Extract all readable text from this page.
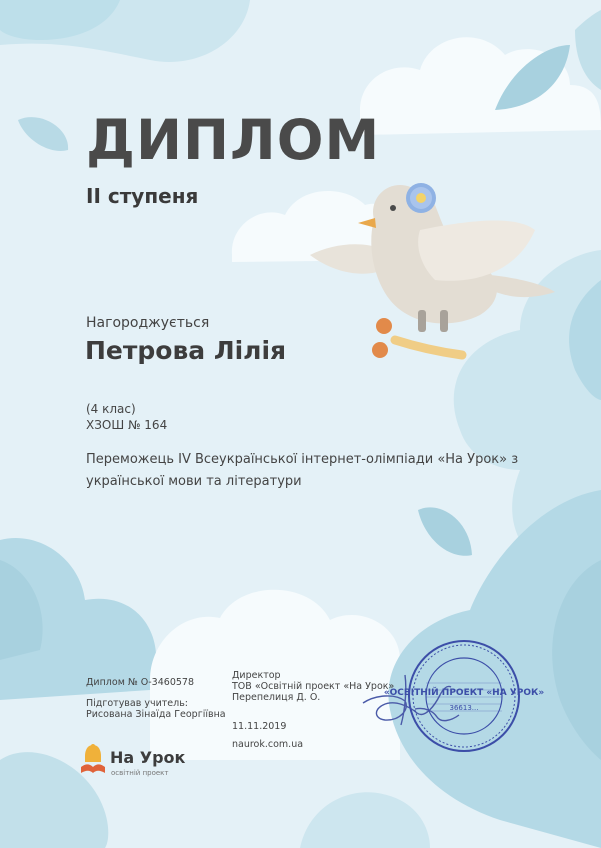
ДИПЛОМ
II ступеня
Нагороджується
Петрова Лілія
(4 клас)
ХЗОШ № 164
Переможець IV Всеукраїнської інтернет-олімпіади «На Урок» з української мови та літератури
Диплом № О-3460578
Підготував учитель:
Рисована Зінаїда Георгіївна
На Урок
освітній проект
Директор
ТОВ «Освітній проект «На Урок»
Перепелиця Д. О.
11.11.2019
naurok.com.ua
«ОСВІТНІЙ ПРОЕКТ «НА УРОК»
36613...
